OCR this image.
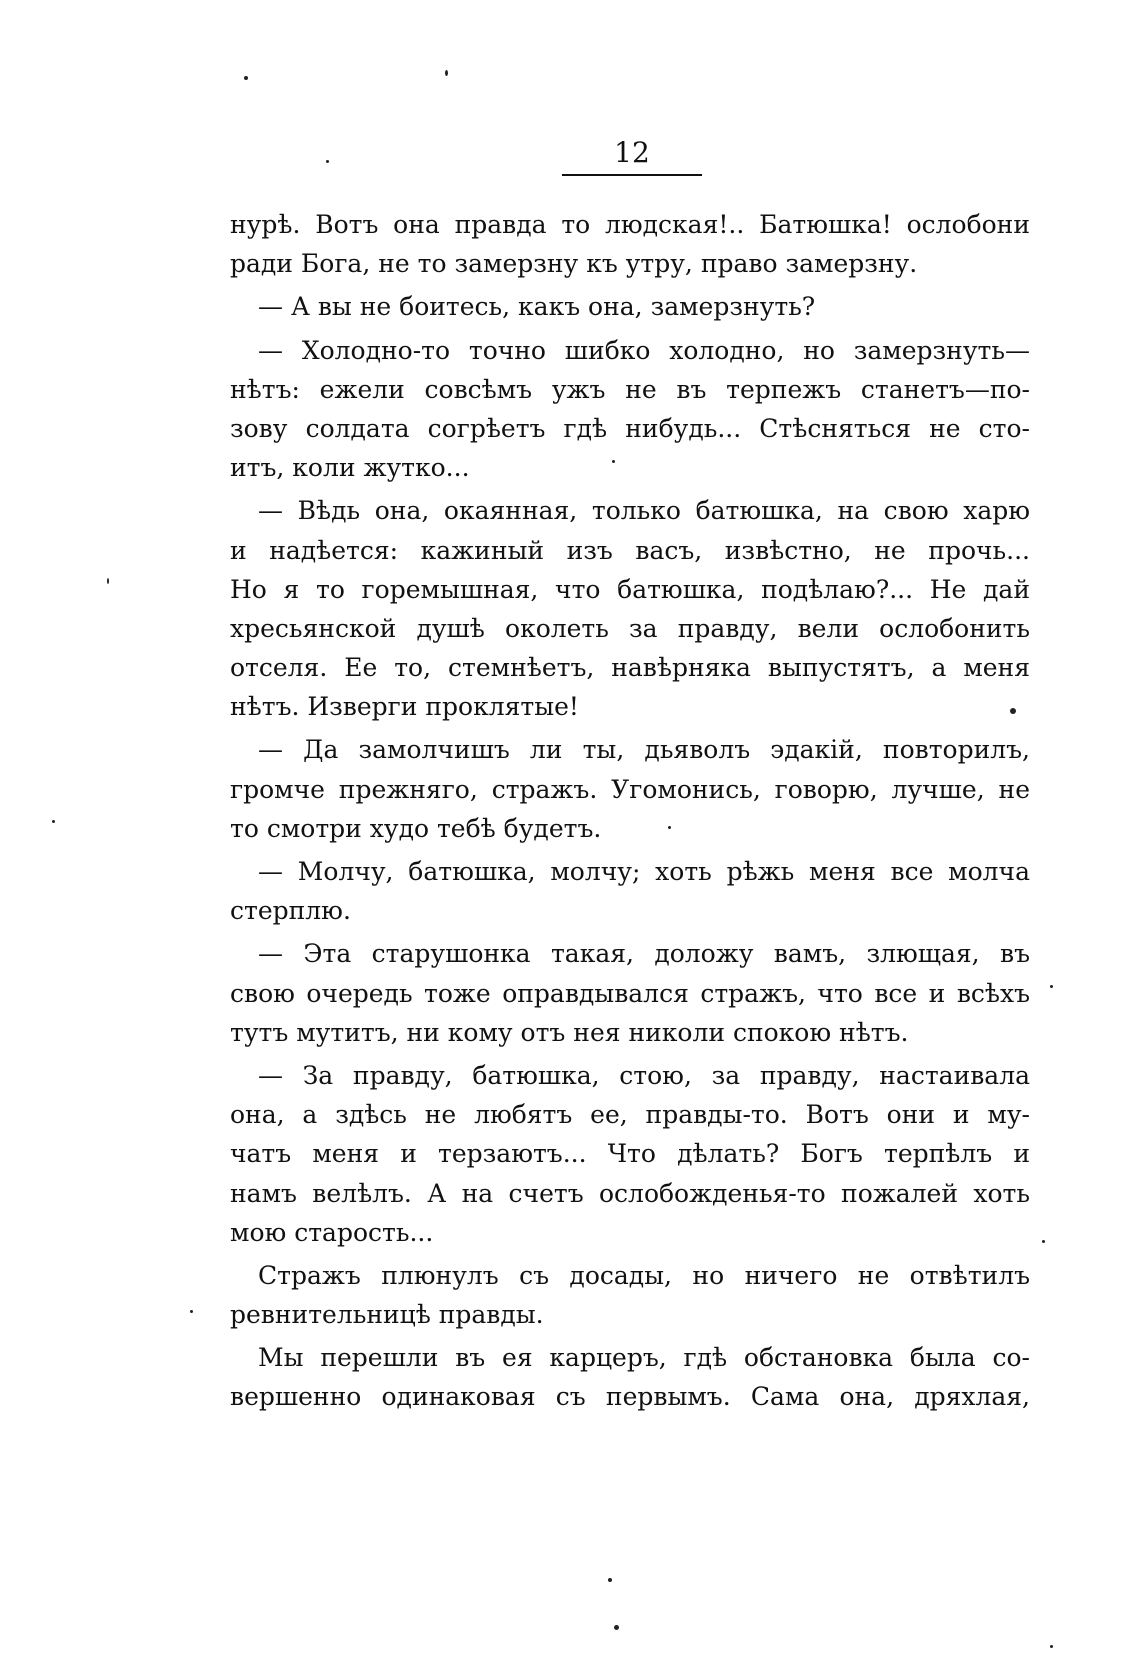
12
нурѣ. Вотъ она правда то людская!.. Батюшка! ослобони
ради Бога, не то замерзну къ утру, право замерзну.
— А вы не боитесь, какъ она, замерзнуть?
— Холодно-то точно шибко холодно, но замерзнуть—
нѣтъ: ежели совсѣмъ ужъ не въ терпежъ станетъ—по-
зову солдата согрѣетъ гдѣ нибудь... Стѣсняться не сто-
итъ, коли жутко...
— Вѣдь она, окаянная, только батюшка, на свою харю
и надѣется: кажиный изъ васъ, извѣстно, не прочь...
Но я то горемышная, что батюшка, подѣлаю?... Не дай
хресьянской душѣ околеть за правду, вели ослобонить
отселя. Ее то, стемнѣетъ, навѣрняка выпустятъ, а меня
нѣтъ. Изверги проклятые!
— Да замолчишъ ли ты, дьяволъ эдакій, повторилъ,
громче прежняго, стражъ. Угомонись, говорю, лучше, не
то смотри худо тебѣ будетъ.
— Молчу, батюшка, молчу; хоть рѣжь меня все молча
стерплю.
— Эта старушонка такая, доложу вамъ, злющая, въ
свою очередь тоже оправдывался стражъ, что все и всѣхъ
тутъ мутитъ, ни кому отъ нея николи спокою нѣтъ.
— За правду, батюшка, стою, за правду, настаивала
она, а здѣсь не любятъ ее, правды-то. Вотъ они и му-
чатъ меня и терзаютъ... Что дѣлать? Богъ терпѣлъ и
намъ велѣлъ. А на счетъ ослобожденья-то пожалей хоть
мою старость...
Стражъ плюнулъ съ досады, но ничего не отвѣтилъ
ревнительницѣ правды.
Мы перешли въ ея карцеръ, гдѣ обстановка была со-
вершенно одинаковая съ первымъ. Сама она, дряхлая,
